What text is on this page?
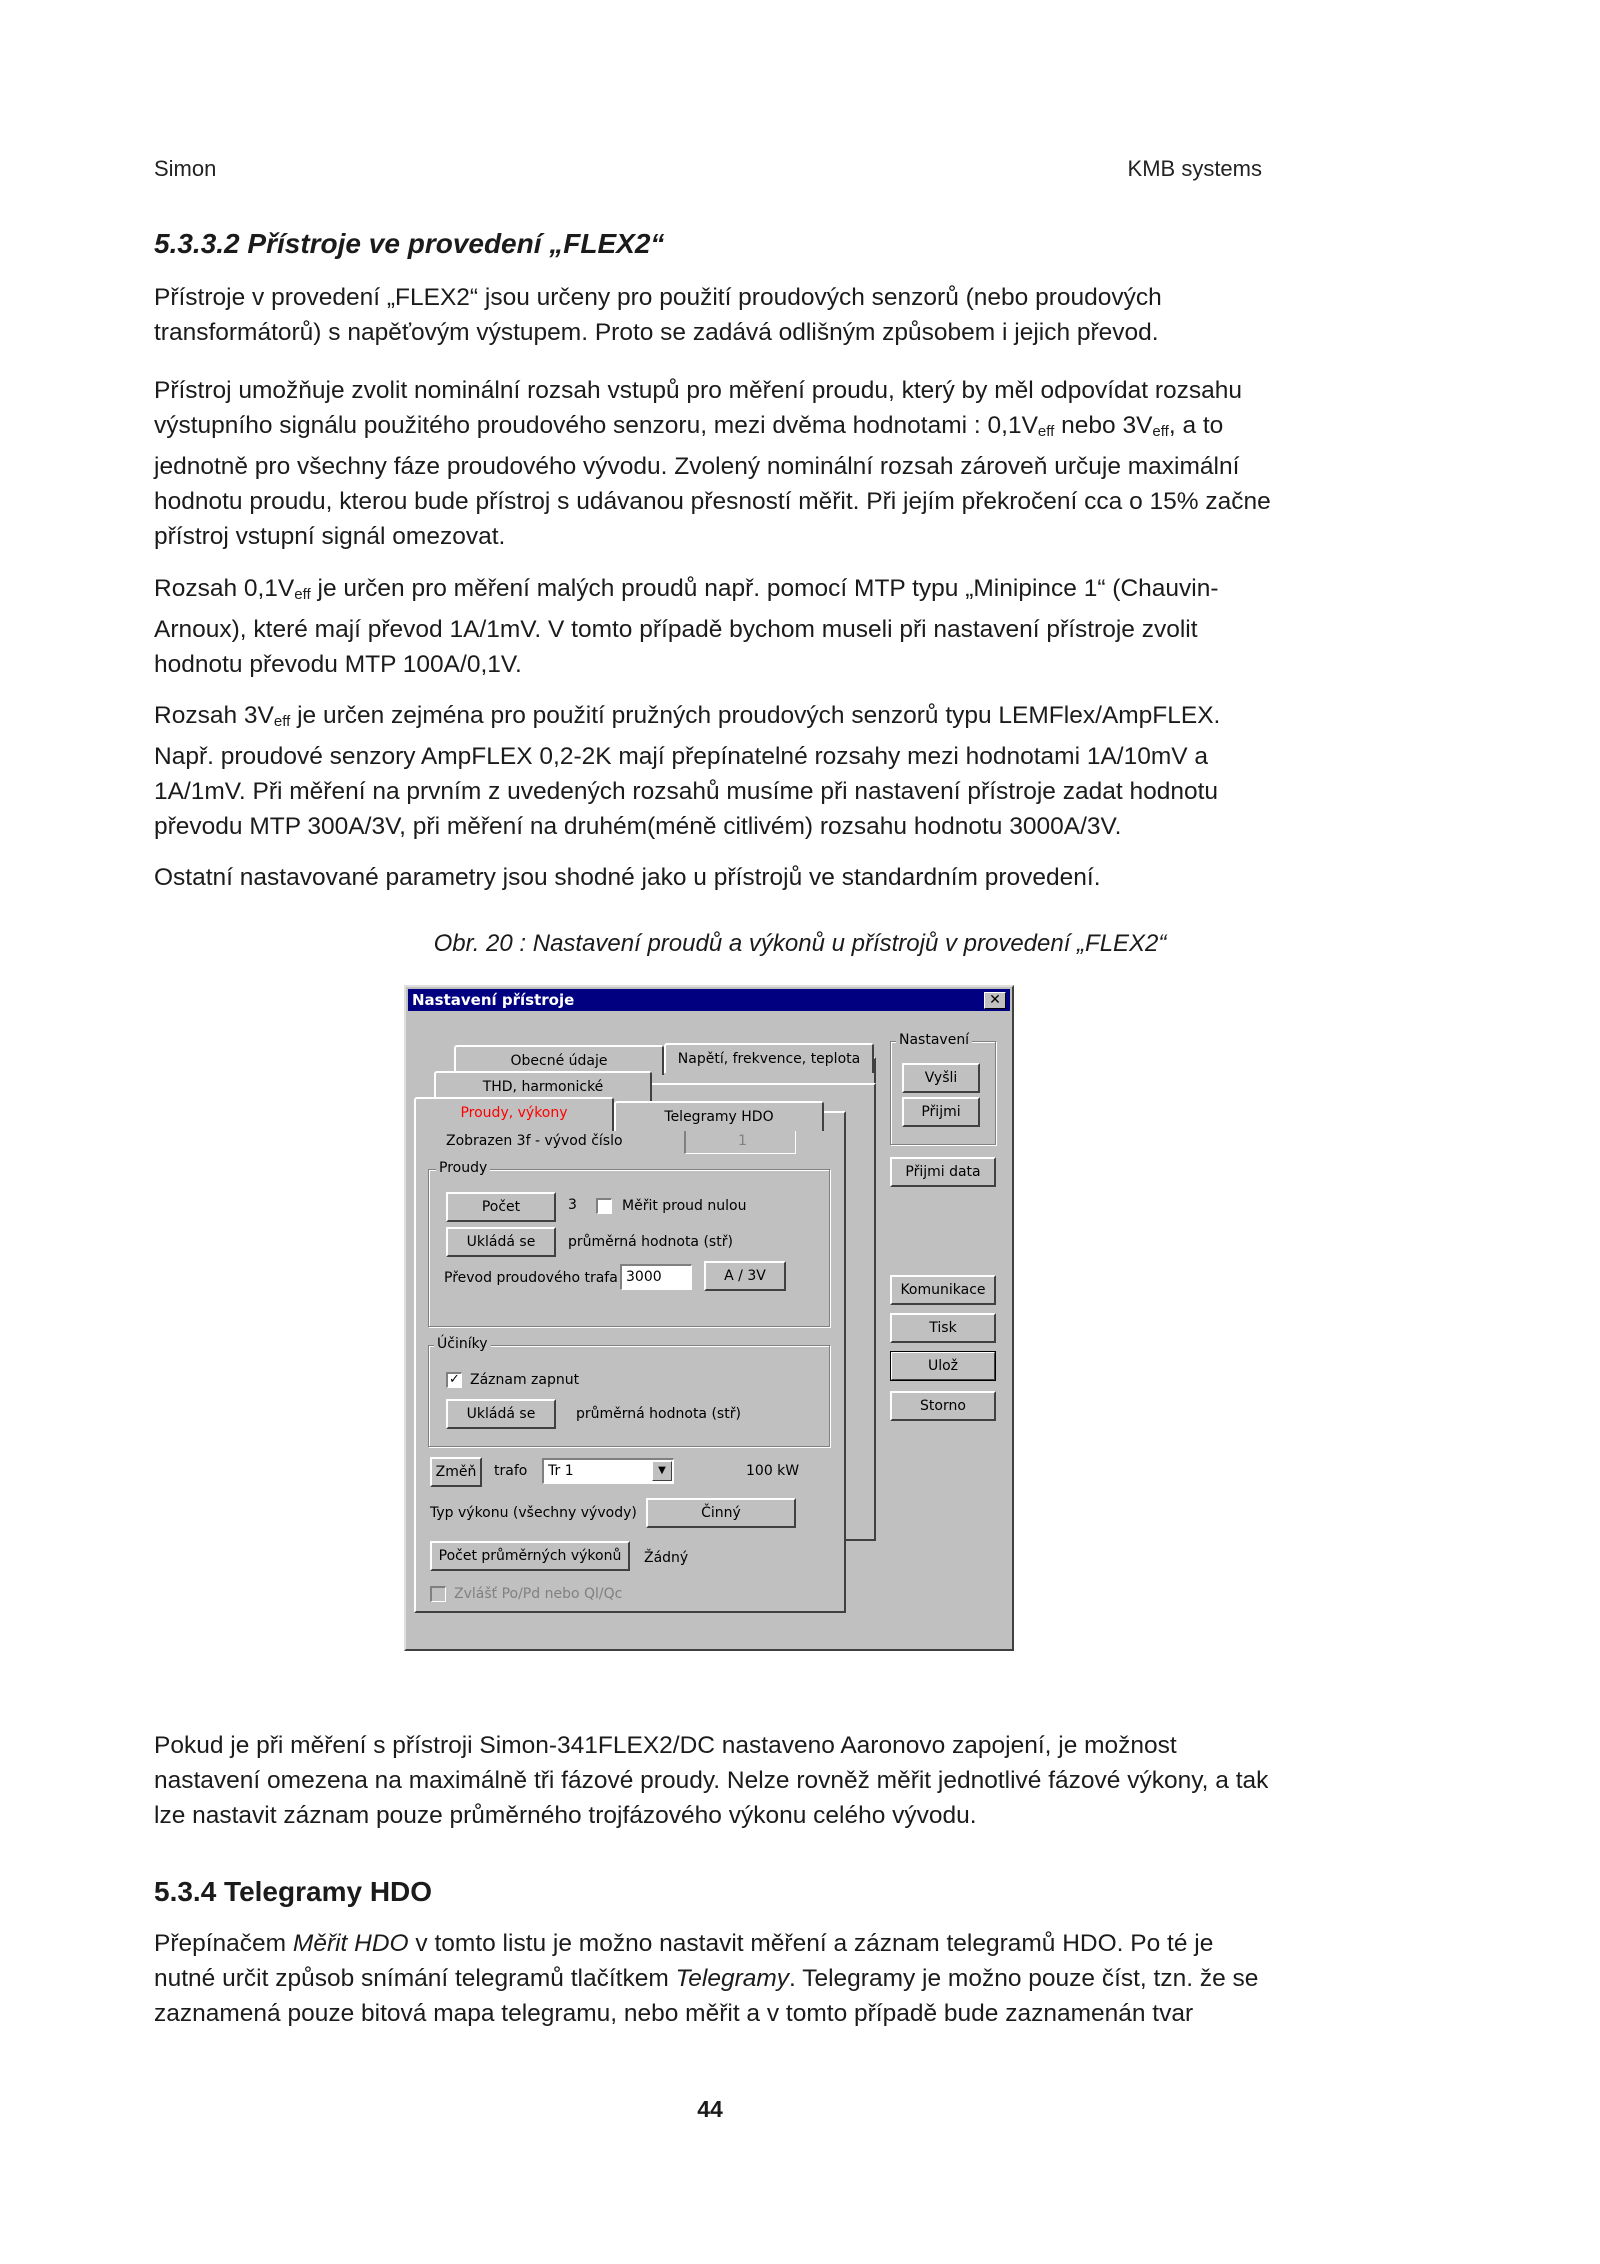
Simon	KMB systems
5.3.3.2 Přístroje ve provedení „FLEX2“

Přístroje v provedení „FLEX2“ jsou určeny pro použití proudových senzorů (nebo proudových transformátorů) s napěťovým výstupem. Proto se zadává odlišným způsobem i jejich převod.

Přístroj umožňuje zvolit nominální rozsah vstupů pro měření proudu, který by měl odpovídat rozsahu výstupního signálu použitého proudového senzoru, mezi dvěma hodnotami : $0,1V_{eff}$ nebo $3V_{eff}$, a to jednotně pro všechny fáze proudového vývodu. Zvolený nominální rozsah zároveň určuje maximální hodnotu proudu, kterou bude přístroj s udávanou přesností měřit. Při jejím překročení cca o 15% začne přístroj vstupní signál omezovat.

Rozsah $0,1V_{eff}$ je určen pro měření malých proudů např. pomocí MTP typu „Minipince 1“ (Chauvin-Arnoux), které mají převod 1A/1mV. V tomto případě bychom museli při nastavení přístroje zvolit hodnotu převodu MTP 100A/0,1V.

Rozsah $3V_{eff}$ je určen zejména pro použití pružných proudových senzorů typu LEMFlex/AmpFLEX. Např. proudové senzory AmpFLEX 0,2-2K mají přepínatelné rozsahy mezi hodnotami 1A/10mV a 1A/1mV. Při měření na prvním z uvedených rozsahů musíme při nastavení přístroje zadat hodnotu převodu MTP 300A/3V, při měření na druhém(méně citlivém) rozsahu hodnotu 3000A/3V.

Ostatní nastavované parametry jsou shodné jako u přístrojů ve standardním provedení.

Obr. 20 : Nastavení proudů a výkonů u přístrojů v provedení „FLEX2“
Nastavení přístroje	✕
Obecné údaje	Napětí, frekvence, teplota
THD, harmonické
Zobrazen 3f - vývod číslo	1
Proudy
Počet	3	Měřit proud nulou
Ukládá se	průměrná hodnota (stř)
Převod proudového trafa 3000	A / 3V
Účiníky
✓ Záznam zapnut
Ukládá se	průměrná hodnota (stř)
Změň	trafo	Tr 1	▼	100 kW
Typ výkonu (všechny vývody)	Činný
Počet průměrných výkonů	Žádný
Zvlášť Po/Pd nebo Ql/Qc
Proudy, výkony	Telegramy HDO
Nastavení
Vyšli
Přijmi
Přijmi data
Komunikace
Tisk
Ulož
Storno

Pokud je při měření s přístroji Simon-341FLEX2/DC nastaveno Aaronovo zapojení, je možnost nastavení omezena na maximálně tři fázové proudy. Nelze rovněž měřit jednotlivé fázové výkony, a tak lze nastavit záznam pouze průměrného trojfázového výkonu celého vývodu.

5.3.4 Telegramy HDO

Přepínačem Měřit HDO v tomto listu je možno nastavit měření a záznam telegramů HDO. Po té je nutné určit způsob snímání telegramů tlačítkem Telegramy. Telegramy je možno pouze číst, tzn. že se zaznamená pouze bitová mapa telegramu, nebo měřit a v tomto případě bude zaznamenán tvar

44
